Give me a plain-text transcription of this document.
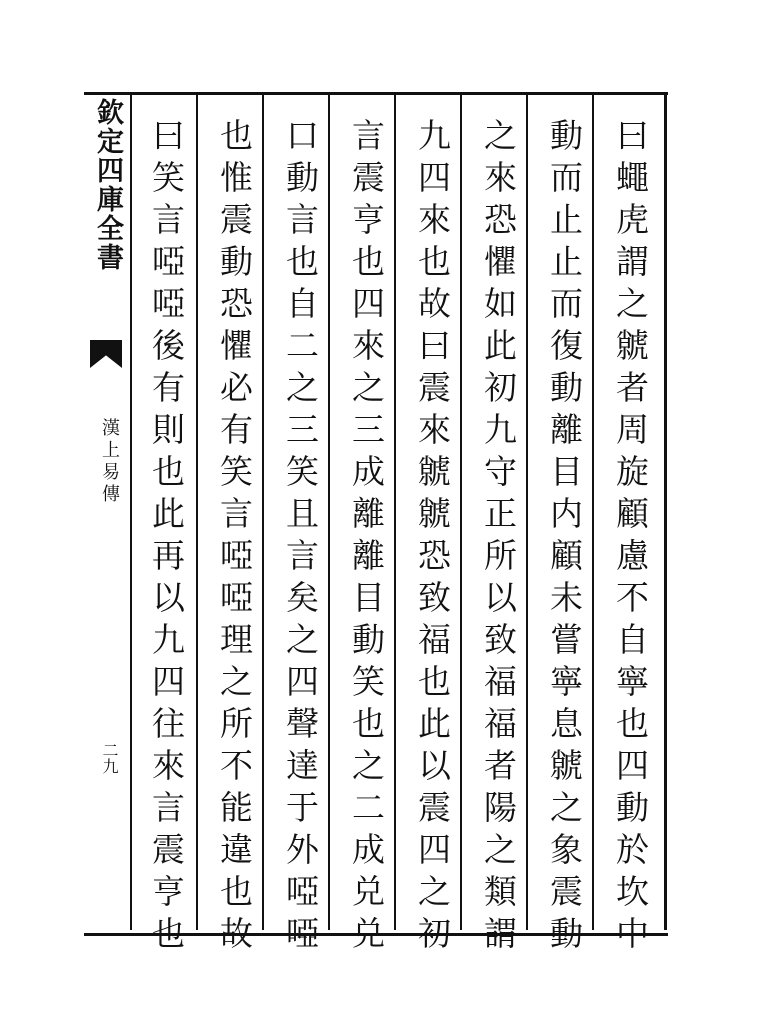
欽定四庫全書
漢上易傳
二九	曰蠅虎謂之虩者周旋顧慮不自寧也四動於坎中
動而止止而復動離目内顧未嘗寧息虩之象震動
之來恐懼如此初九守正所以致福福者陽之類謂
九四來也故曰震來虩虩恐致福也此以震四之初
言震亨也四來之三成離離目動笑也之二成兑兑
口動言也自二之三笑且言矣之四聲達于外啞啞
也惟震動恐懼必有笑言啞啞理之所不能違也故
曰笑言啞啞後有則也此再以九四往來言震亨也
